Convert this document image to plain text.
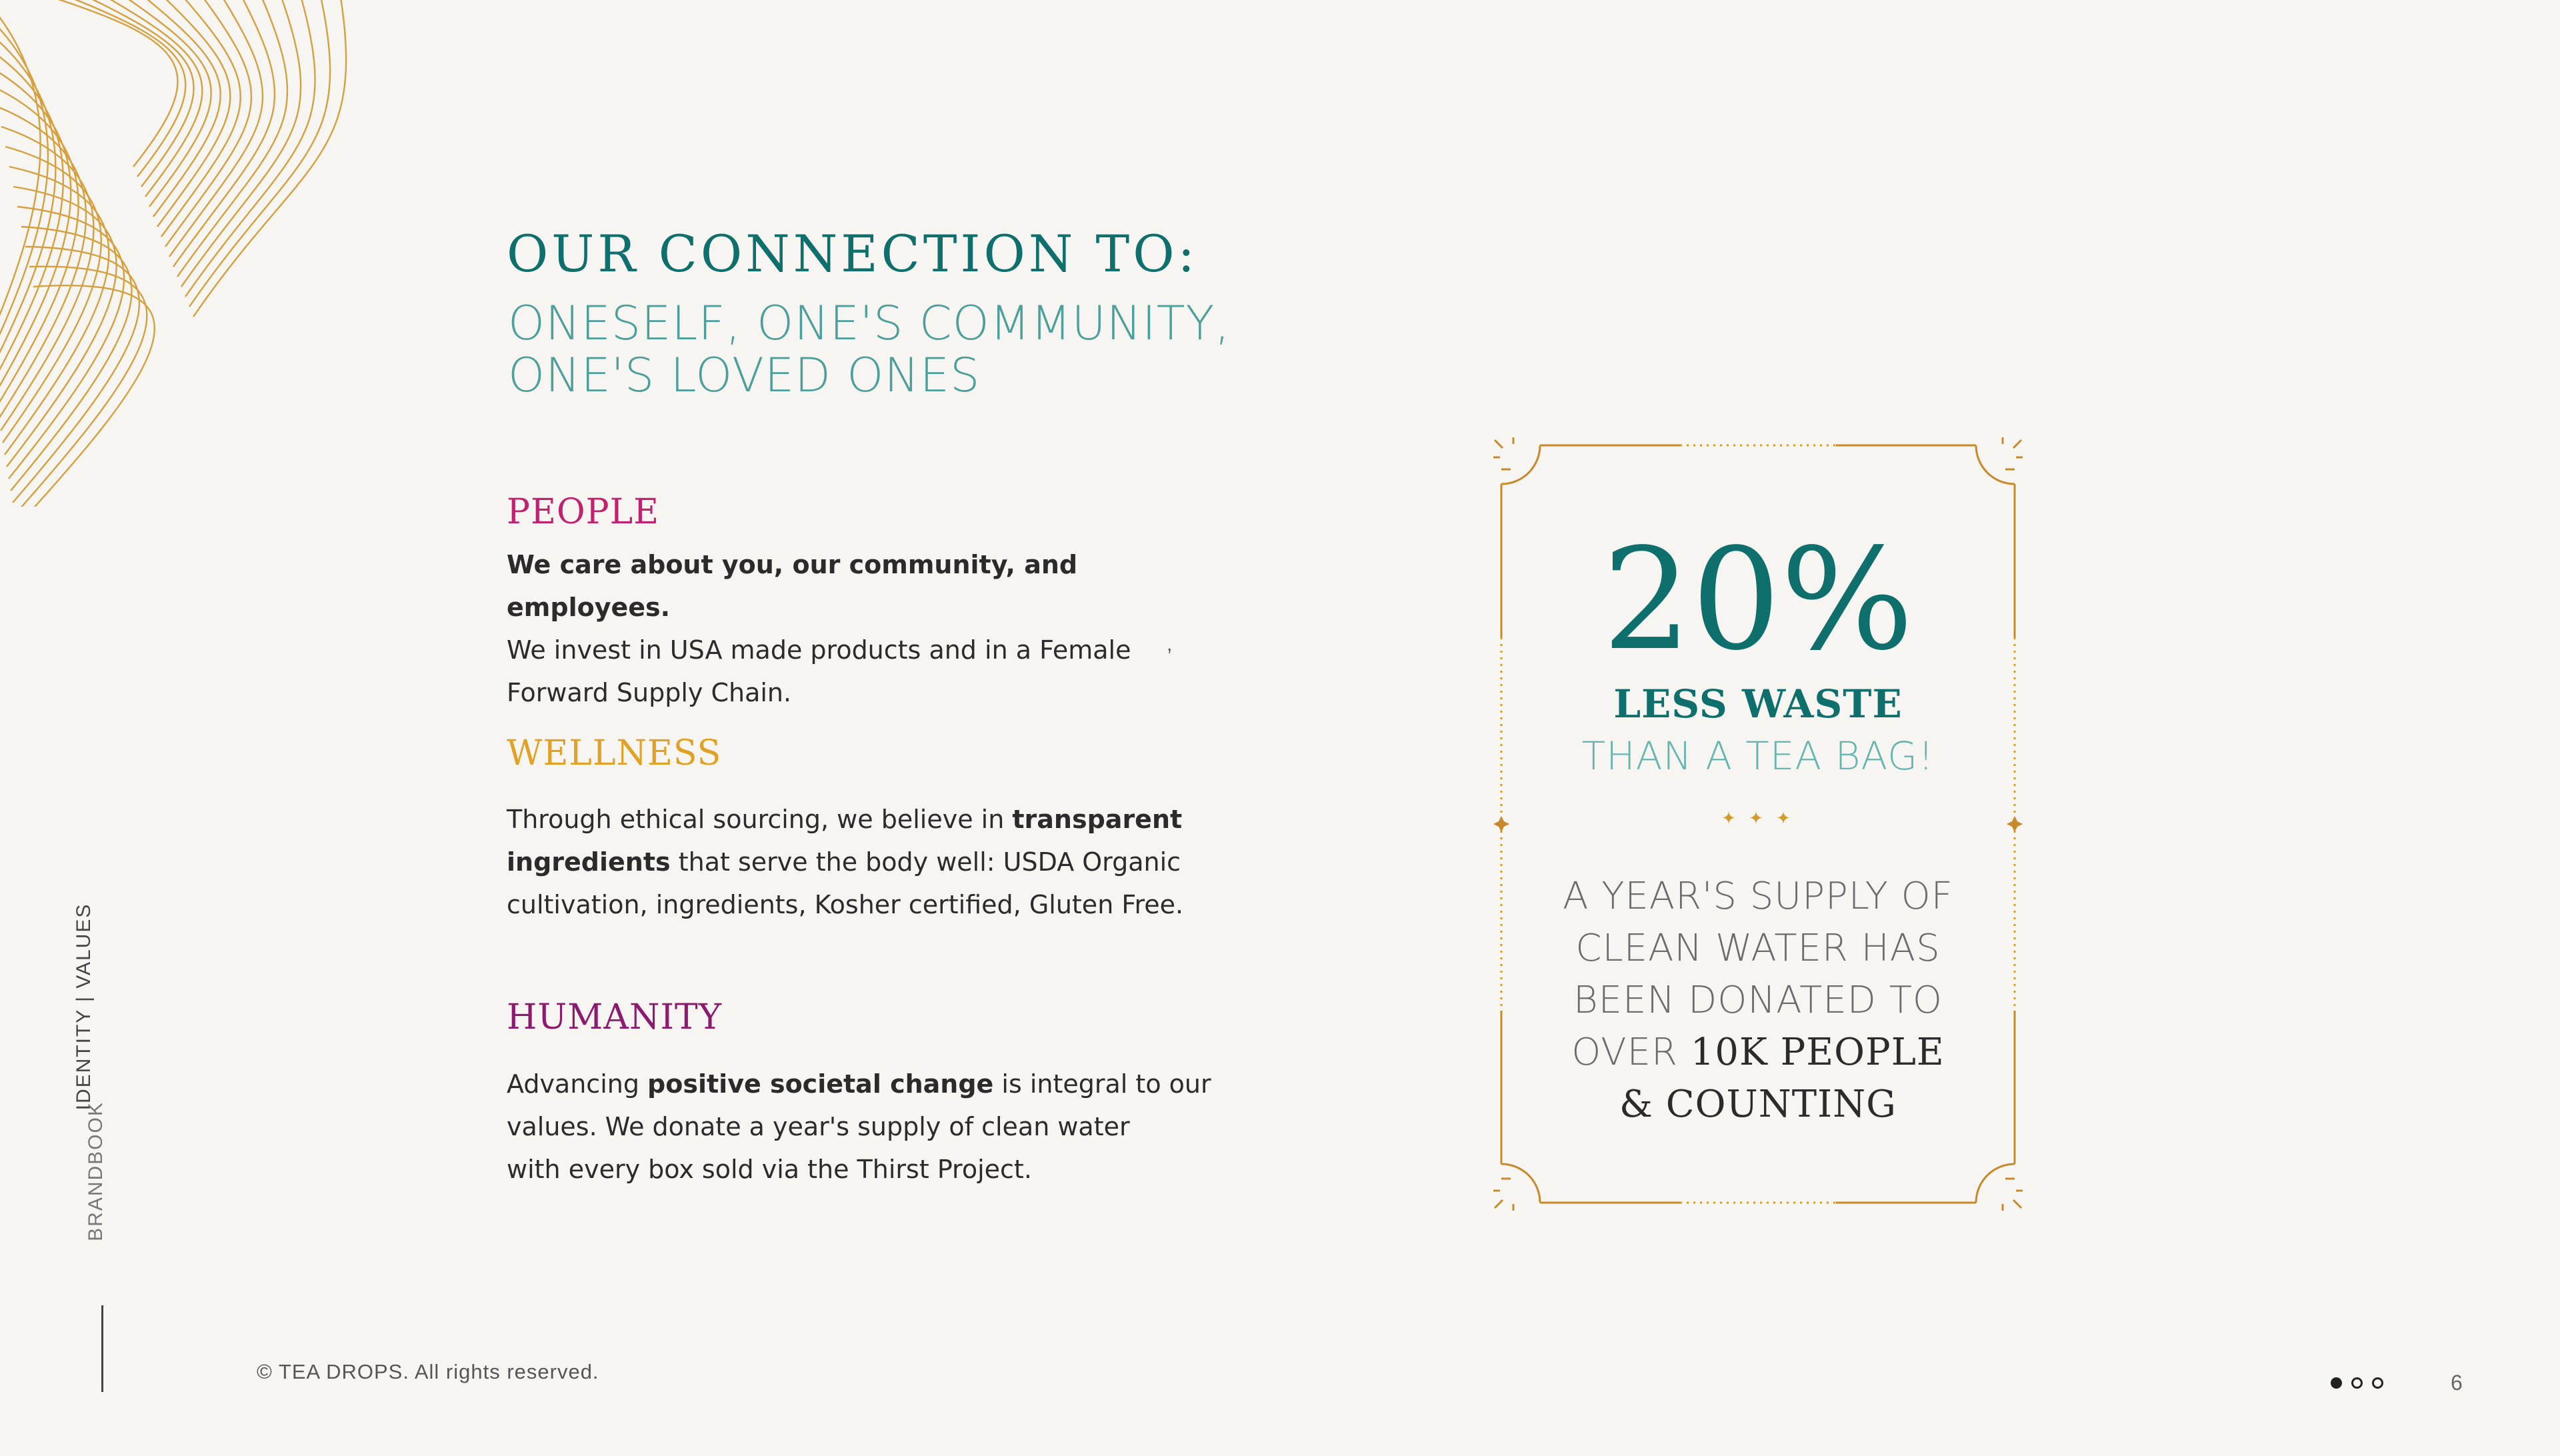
OUR CONNECTION TO:
ONESELF, ONE'S COMMUNITY,
ONE'S LOVED ONES
PEOPLE
We care about you, our community, and employees.
We invest in USA made products and in a Female
Forward Supply Chain.
,
WELLNESS
Through ethical sourcing, we believe in transparent
ingredients that serve the body well: USDA Organic
cultivation, ingredients, Kosher certified, Gluten Free.
HUMANITY
Advancing positive societal change is integral to our
values. We donate a year's supply of clean water
with every box sold via the Thirst Project.
20%
LESS WASTE
THAN A TEA BAG!
✦ ✦ ✦
A YEAR'S SUPPLY OF
CLEAN WATER HAS
BEEN DONATED TO
OVER 10K PEOPLE
& COUNTING
IDENTITY | VALUES
BRANDBOOK
© TEA DROPS. All rights reserved.	6
